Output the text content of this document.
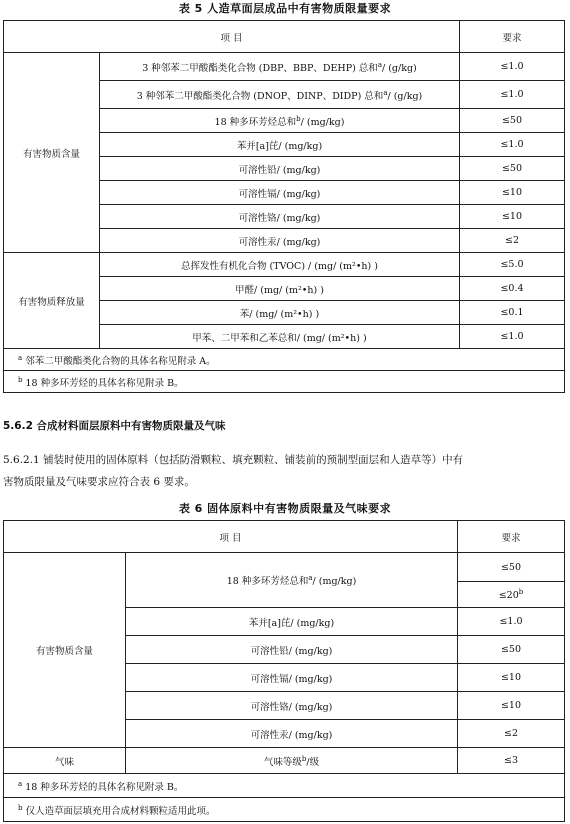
表 5 人造草面层成品中有害物质限量要求
项 目		要求
有害物质含量	3 种邻苯二甲酸酯类化合物 (DBP、BBP、DEHP) 总和$^a$/ (g/kg)	≤1.0
	3 种邻苯二甲酸酯类化合物 (DNOP、DINP、DIDP) 总和$^a$/ (g/kg)	≤1.0
	18 种多环芳烃总和$^b$/ (mg/kg)	≤50
	苯并[a]芘/ (mg/kg)	≤1.0
	可溶性铅/ (mg/kg)	≤50
	可溶性镉/ (mg/kg)	≤10
	可溶性铬/ (mg/kg)	≤10
	可溶性汞/ (mg/kg)	≤2
有害物质释放量	总挥发性有机化合物 (TVOC) / (mg/ (m²•h) )	≤5.0
	甲醛/ (mg/ (m²•h) )	≤0.4
	苯/ (mg/ (m²•h) )	≤0.1
	甲苯、二甲苯和乙苯总和/ (mg/ (m²•h) )	≤1.0
$^a$ 邻苯二甲酸酯类化合物的具体名称见附录 A。		
$^b$ 18 种多环芳烃的具体名称见附录 B。		
5.6.2 合成材料面层原料中有害物质限量及气味
5.6.2.1 铺装时使用的固体原料（包括防滑颗粒、填充颗粒、铺装前的预制型面层和人造草等）中有
害物质限量及气味要求应符合表 6 要求。
表 6 固体原料中有害物质限量及气味要求
项 目		要求
有害物质含量	18 种多环芳烃总和$^a$/ (mg/kg)	≤50
		$\le 20^b$
	苯并[a]芘/ (mg/kg)	≤1.0
	可溶性铅/ (mg/kg)	≤50
	可溶性镉/ (mg/kg)	≤10
	可溶性铬/ (mg/kg)	≤10
	可溶性汞/ (mg/kg)	≤2
气味	气味等级$^b$/级	≤3
$^a$ 18 种多环芳烃的具体名称见附录 B。		
$^b$ 仅人造草面层填充用合成材料颗粒适用此项。		
